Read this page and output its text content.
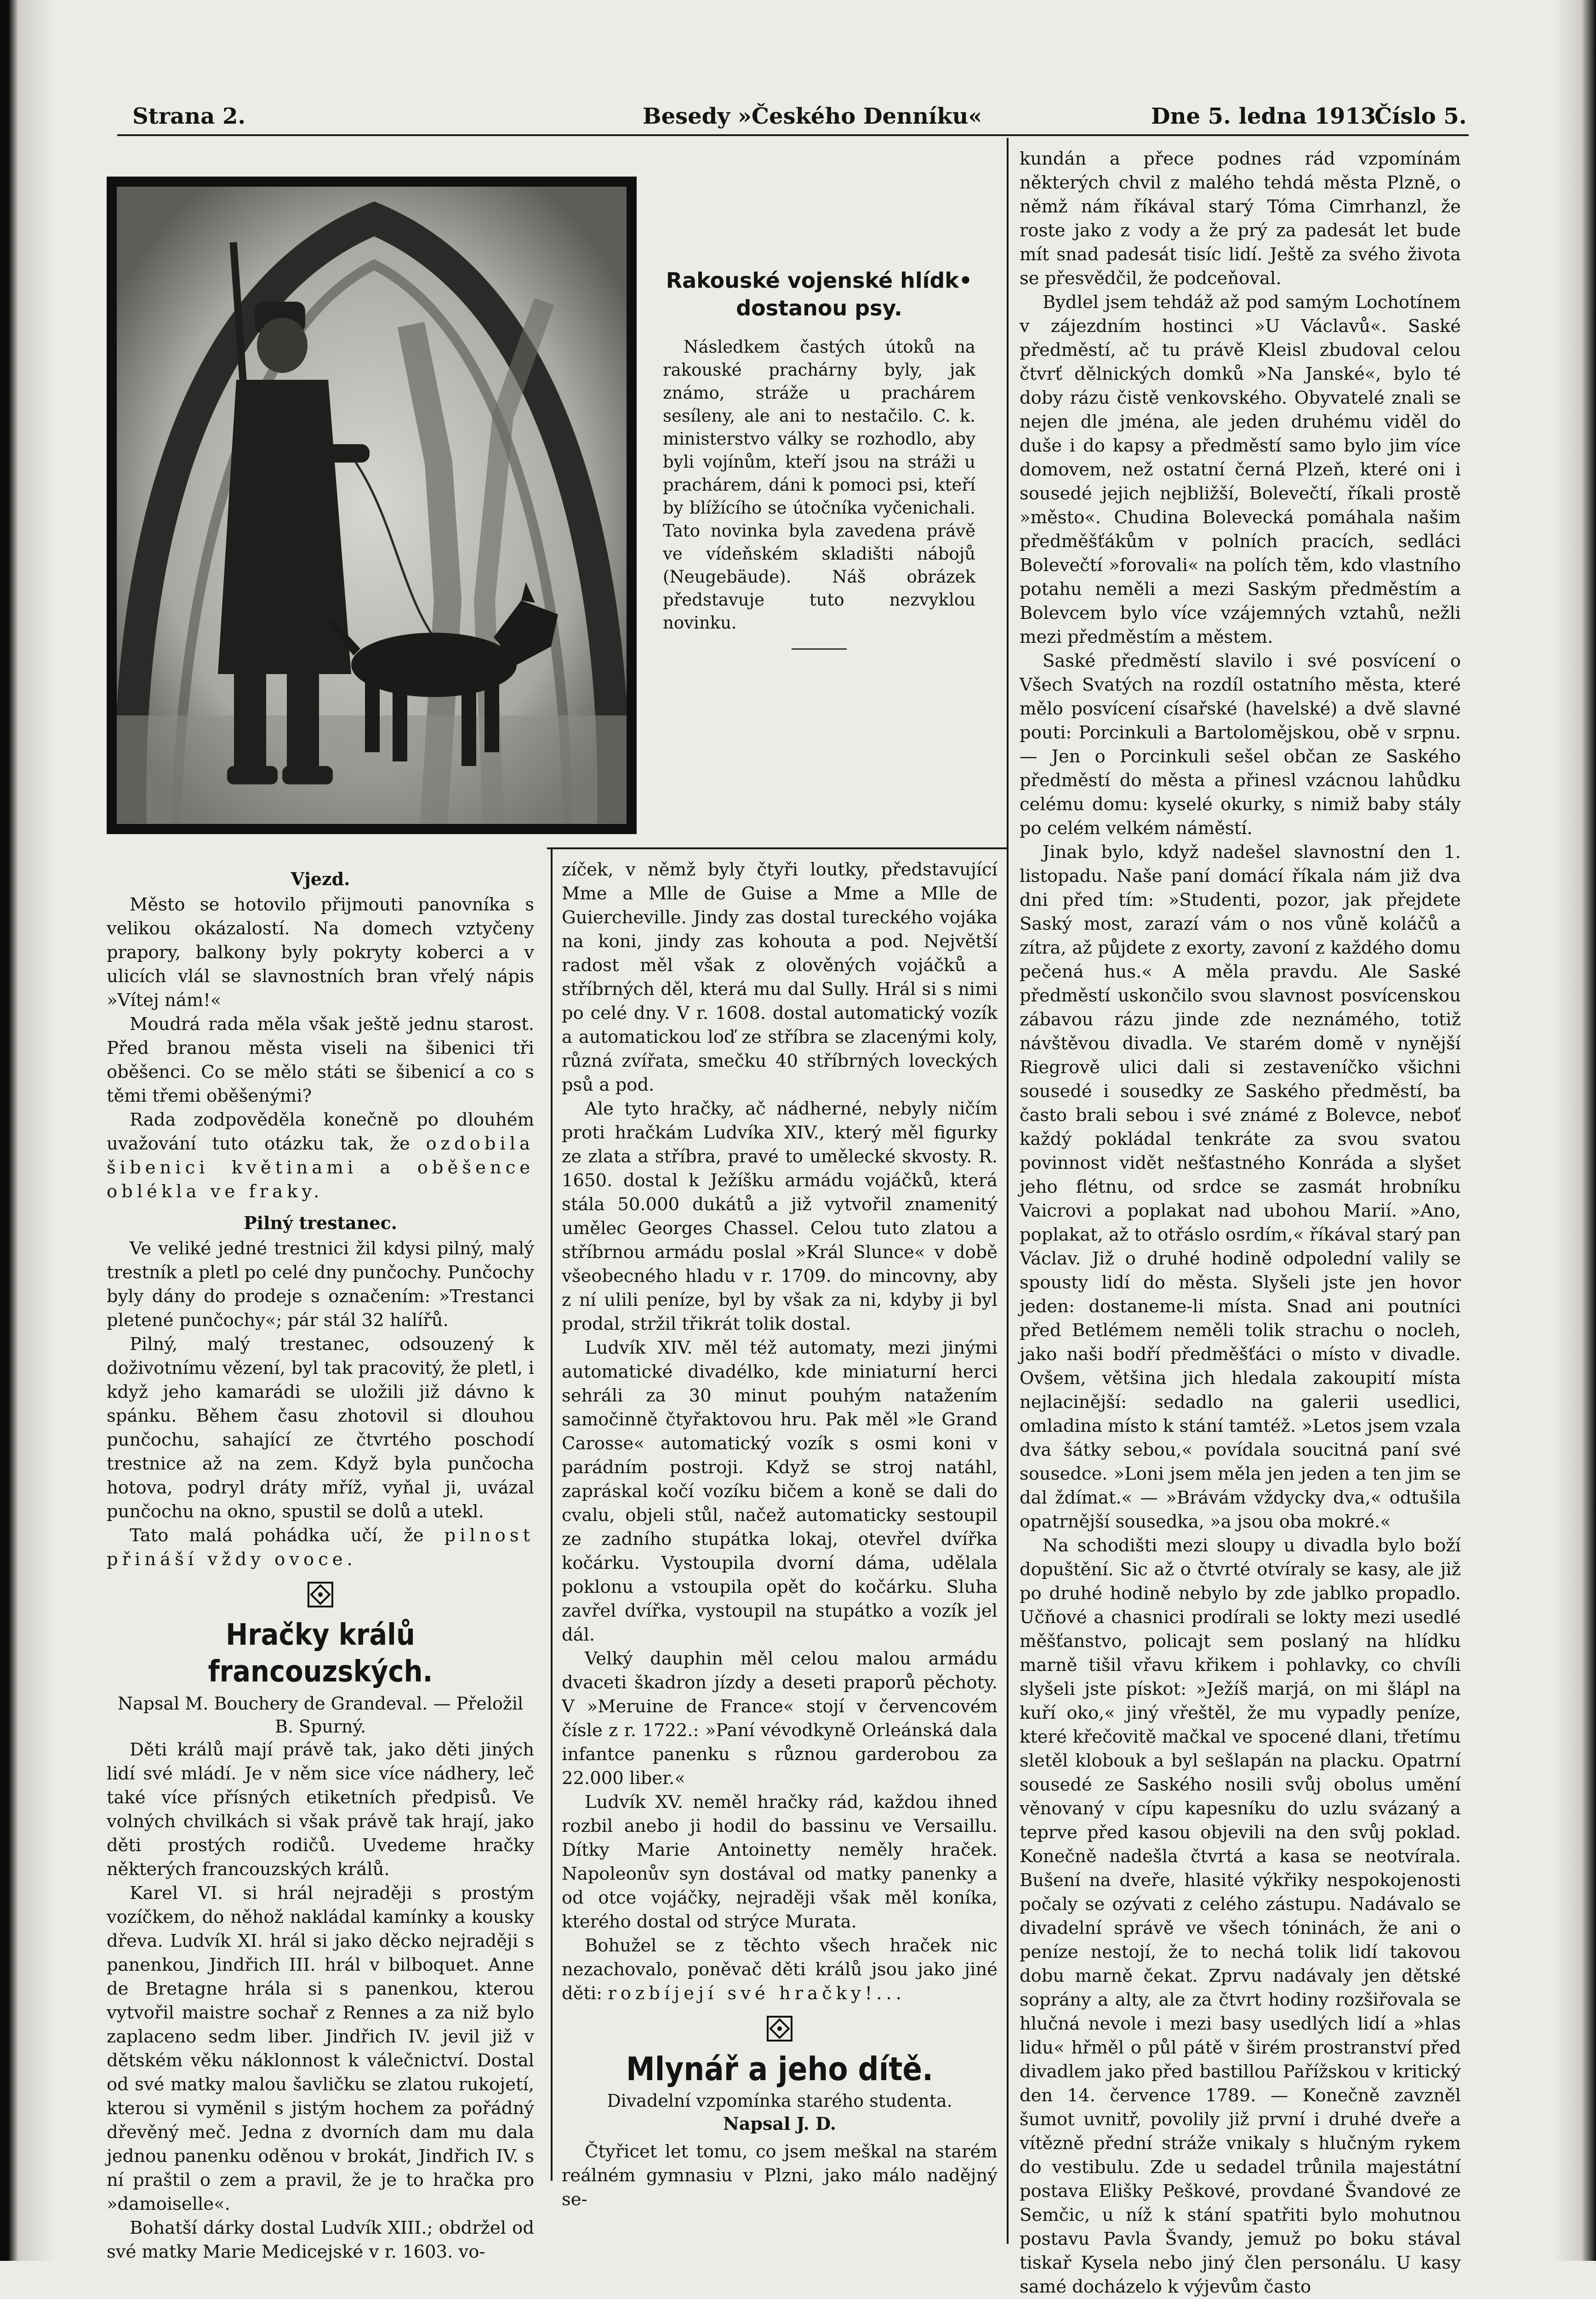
Strana 2.	Besedy »Českého Denníku«	Dne 5. ledna 1913.
Číslo 5.
Rakouské vojenské hlídk• dostanou psy.

Následkem častých útoků na rakouské prachárny byly, jak známo, stráže u prachárem sesíleny, ale ani to nestačilo. C. k. ministerstvo války se rozhodlo, aby byli vojínům, kteří jsou na stráži u prachárem, dáni k pomoci psi, kteří by blížícího se útočníka vyčenichali. Tato novinka byla zavedena právě ve vídeňském skladišti nábojů (Neugebäude). Náš obrázek představuje tuto nezvyklou novinku.

Vjezd.

Město se hotovilo přijmouti panovníka s velikou okázalostí. Na domech vztyčeny prapory, balkony byly pokryty koberci a v ulicích vlál se slavnostních bran vřelý nápis »Vítej nám!«

Moudrá rada měla však ještě jednu starost. Před branou města viseli na šibenici tři oběšenci. Co se mělo státi se šibenicí a co s těmi třemi oběšenými?

Rada zodpověděla konečně po dlouhém uvažování tuto otázku tak, že ozdobila šibenici květinami a oběšence oblékla ve fraky.

Pilný trestanec.

Ve veliké jedné trestnici žil kdysi pilný, malý trestník a pletl po celé dny punčochy. Punčochy byly dány do prodeje s označením: »Trestanci pletené punčochy«; pár stál 32 halířů.

Pilný, malý trestanec, odsouzený k doživotnímu vězení, byl tak pracovitý, že pletl, i když jeho kamarádi se uložili již dávno k spánku. Během času zhotovil si dlouhou punčochu, sahající ze čtvrtého poschodí trestnice až na zem. Když byla punčocha hotova, podryl dráty mříž, vyňal ji, uvázal punčochu na okno, spustil se dolů a utekl.

Tato malá pohádka učí, že pilnost přináší vždy ovoce.

Hračky králů francouzských.
Napsal M. Bouchery de Grandeval. — Přeložil B. Spurný.

Děti králů mají právě tak, jako děti jiných lidí své mládí. Je v něm sice více nádhery, leč také více přísných etiketních předpisů. Ve volných chvilkách si však právě tak hrají, jako děti prostých rodičů. Uvedeme hračky některých francouzských králů.

Karel VI. si hrál nejraději s prostým vozíčkem, do něhož nakládal kamínky a kousky dřeva. Ludvík XI. hrál si jako děcko nejraději s panenkou, Jindřich III. hrál v bilboquet. Anne de Bretagne hrála si s panenkou, kterou vytvořil maistre sochař z Rennes a za niž bylo zaplaceno sedm liber. Jindřich IV. jevil již v dětském věku náklonnost k válečnictví. Dostal od své matky malou šavličku se zlatou rukojetí, kterou si vyměnil s jistým hochem za pořádný dřevěný meč. Jedna z dvorních dam mu dala jednou panenku oděnou v brokát, Jindřich IV. s ní praštil o zem a pravil, že je to hračka pro »damoiselle«.

Bohatší dárky dostal Ludvík XIII.; obdržel od své matky Marie Medicejské v r. 1603. vo-

zíček, v němž byly čtyři loutky, představující Mme a Mlle de Guise a Mme a Mlle de Guiercheville. Jindy zas dostal tureckého vojáka na koni, jindy zas kohouta a pod. Největší radost měl však z olověných vojáčků a stříbrných děl, která mu dal Sully. Hrál si s nimi po celé dny. V r. 1608. dostal automatický vozík a automatickou loď ze stříbra se zlacenými koly, různá zvířata, smečku 40 stříbrných loveckých psů a pod.

Ale tyto hračky, ač nádherné, nebyly ničím proti hračkám Ludvíka XIV., který měl figurky ze zlata a stříbra, pravé to umělecké skvosty. R. 1650. dostal k Ježíšku armádu vojáčků, která stála 50.000 dukátů a již vytvořil znamenitý umělec Georges Chassel. Celou tuto zlatou a stříbrnou armádu poslal »Král Slunce« v době všeobecného hladu v r. 1709. do mincovny, aby z ní ulili peníze, byl by však za ni, kdyby ji byl prodal, stržil třikrát tolik dostal.

Ludvík XIV. měl též automaty, mezi jinými automatické divadélko, kde miniaturní herci sehráli za 30 minut pouhým natažením samočinně čtyřaktovou hru. Pak měl »le Grand Carosse« automatický vozík s osmi koni v parádním postroji. Když se stroj natáhl, zapráskal kočí vozíku bičem a koně se dali do cvalu, objeli stůl, načež automaticky sestoupil ze zadního stupátka lokaj, otevřel dvířka kočárku. Vystoupila dvorní dáma, udělala poklonu a vstoupila opět do kočárku. Sluha zavřel dvířka, vystoupil na stupátko a vozík jel dál.

Velký dauphin měl celou malou armádu dvaceti škadron jízdy a deseti praporů pěchoty. V »Meruine de France« stojí v červencovém čísle z r. 1722.: »Paní vévodkyně Orleánská dala infantce panenku s různou garderobou za 22.000 liber.«

Ludvík XV. neměl hračky rád, každou ihned rozbil anebo ji hodil do bassinu ve Versaillu. Dítky Marie Antoinetty neměly hraček. Napoleonův syn dostával od matky panenky a od otce vojáčky, nejraději však měl koníka, kterého dostal od strýce Murata.

Bohužel se z těchto všech hraček nic nezachovalo, poněvač děti králů jsou jako jiné děti: rozbíjejí své hračky!...

Mlynář a jeho dítě.
Divadelní vzpomínka starého studenta.
Napsal J. D.

Čtyřicet let tomu, co jsem meškal na starém reálném gymnasiu v Plzni, jako málo nadějný se-

kundán a přece podnes rád vzpomínám některých chvil z malého tehdá města Plzně, o němž nám říkával starý Tóma Cimrhanzl, že roste jako z vody a že prý za padesát let bude mít snad padesát tisíc lidí. Ještě za svého života se přesvědčil, že podceňoval.

Bydlel jsem tehdáž až pod samým Lochotínem v zájezdním hostinci »U Václavů«. Saské předměstí, ač tu právě Kleisl zbudoval celou čtvrť dělnických domků »Na Janské«, bylo té doby rázu čistě venkovského. Obyvatelé znali se nejen dle jména, ale jeden druhému viděl do duše i do kapsy a předměstí samo bylo jim více domovem, než ostatní černá Plzeň, které oni i sousedé jejich nejbližší, Bolevečtí, říkali prostě »město«. Chudina Bolevecká pomáhala našim předměšťákům v polních pracích, sedláci Bolevečtí »forovali« na polích těm, kdo vlastního potahu neměli a mezi Saským předměstím a Bolevcem bylo více vzájemných vztahů, nežli mezi předměstím a městem.

Saské předměstí slavilo i své posvícení o Všech Svatých na rozdíl ostatního města, které mělo posvícení císařské (havelské) a dvě slavné pouti: Porcinkuli a Bartolomějskou, obě v srpnu. — Jen o Porcinkuli sešel občan ze Saského předměstí do města a přinesl vzácnou lahůdku celému domu: kyselé okurky, s nimiž baby stály po celém velkém náměstí.

Jinak bylo, když nadešel slavnostní den 1. listopadu. Naše paní domácí říkala nám již dva dni před tím: »Studenti, pozor, jak přejdete Saský most, zarazí vám o nos vůně koláčů a zítra, až půjdete z exorty, zavoní z každého domu pečená hus.« A měla pravdu. Ale Saské předměstí uskončilo svou slavnost posvícenskou zábavou rázu jinde zde neznámého, totiž návštěvou divadla. Ve starém domě v nynější Riegrově ulici dali si zestaveníčko všichni sousedé i sousedky ze Saského předměstí, ba často brali sebou i své známé z Bolevce, neboť každý pokládal tenkráte za svou svatou povinnost vidět nešťastného Konráda a slyšet jeho flétnu, od srdce se zasmát hrobníku Vaicrovi a poplakat nad ubohou Marií. »Ano, poplakat, až to otřáslo osrdím,« říkával starý pan Václav. Již o druhé hodině odpolední valily se spousty lidí do města. Slyšeli jste jen hovor jeden: dostaneme-li místa. Snad ani poutníci před Betlémem neměli tolik strachu o nocleh, jako naši bodří předměšťáci o místo v divadle. Ovšem, většina jich hledala zakoupití místa nejlacinější: sedadlo na galerii usedlici, omladina místo k stání tamtéž. »Letos jsem vzala dva šátky sebou,« povídala soucitná paní své sousedce. »Loni jsem měla jen jeden a ten jim se dal ždímat.« — »Brávám vždycky dva,« odtušila opatrnější sousedka, »a jsou oba mokré.«

Na schodišti mezi sloupy u divadla bylo boží dopuštění. Sic až o čtvrté otvíraly se kasy, ale již po druhé hodině nebylo by zde jablko propadlo. Učňové a chasnici prodírali se lokty mezi usedlé měšťanstvo, policajt sem poslaný na hlídku marně tišil vřavu křikem i pohlavky, co chvíli slyšeli jste pískot: »Ježíš marjá, on mi šlápl na kuří oko,« jiný vřeštěl, že mu vypadly peníze, které křečovitě mačkal ve spocené dlani, třetímu sletěl klobouk a byl sešlapán na placku. Opatrní sousedé ze Saského nosili svůj obolus umění věnovaný v cípu kapesníku do uzlu svázaný a teprve před kasou objevili na den svůj poklad. Konečně nadešla čtvrtá a kasa se neotvírala. Bušení na dveře, hlasité výkřiky nespokojenosti počaly se ozývati z celého zástupu. Nadávalo se divadelní správě ve všech tóninách, že ani o peníze nestojí, že to nechá tolik lidí takovou dobu marně čekat. Zprvu nadávaly jen dětské soprány a alty, ale za čtvrt hodiny rozšiřovala se hlučná nevole i mezi basy usedlých lidí a »hlas lidu« hřměl o půl pátě v širém prostranství před divadlem jako před bastillou Pařížskou v kritický den 14. července 1789. — Konečně zavzněl šumot uvnitř, povolily již první i druhé dveře a vítězně přední stráže vnikaly s hlučným rykem do vestibulu. Zde u sedadel trůnila majestátní postava Elišky Peškové, provdané Švandové ze Semčic, u níž k stání spatřiti bylo mohutnou postavu Pavla Švandy, jemuž po boku stával tiskař Kysela nebo jiný člen personálu. U kasy samé docházelo k výjevům často
